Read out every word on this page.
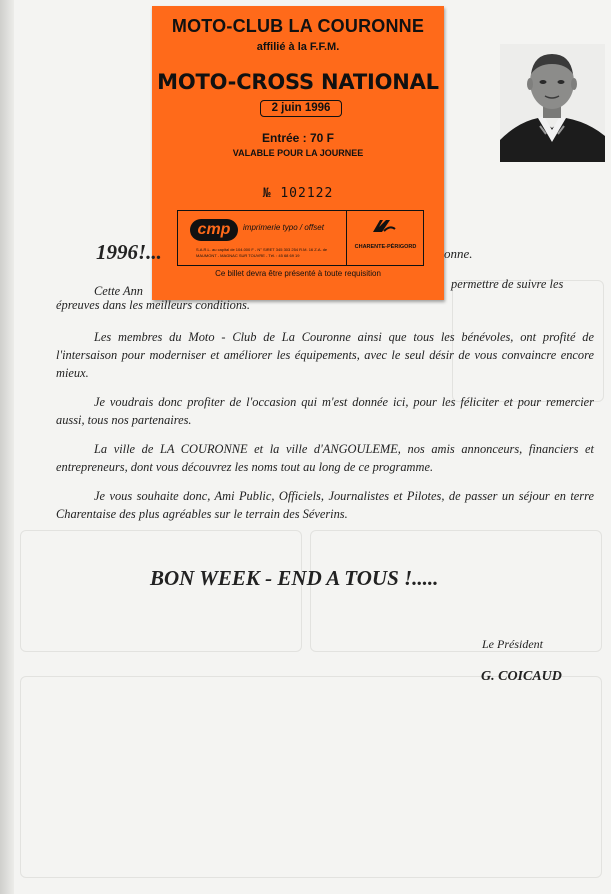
MOTO-CLUB LA COURONNE
affilié à la F.F.M.
MOTO-CROSS NATIONAL
2 juin 1996
Entrée : 70 F
VALABLE POUR LA JOURNEE
№ 102122
cmp	imprimerie typo / offset
S.A.R.L. au capital de 104.000 F - N° SIRET 345 303 254 R.M. 16 Z.A. de MAUMONT - MAGNAC SUR TOUVRE - Tél. : 45 68 69 19
CHARENTE-PÉRIGORD
Ce billet devra être présenté à toute requisition
1996!...	onne.
Cette Ann	permettre de suivre les
épreuves dans les meilleurs conditions.
Les membres du Moto - Club de La Couronne ainsi que tous les bénévoles, ont profité de l'intersaison pour moderniser et améliorer les équipements, avec le seul désir de vous convaincre encore mieux.
Je voudrais donc profiter de l'occasion qui m'est donnée ici, pour les féliciter et pour remercier aussi, tous nos partenaires.
La ville de LA COURONNE et la ville d'ANGOULEME, nos amis annonceurs, financiers et entrepreneurs, dont vous découvrez les noms tout au long de ce programme.
Je vous souhaite donc, Ami Public, Officiels, Journalistes et Pilotes, de passer un séjour en terre Charentaise des plus agréables sur le terrain des Séverins.
BON WEEK - END A TOUS !.....
Le Président
G. COICAUD
